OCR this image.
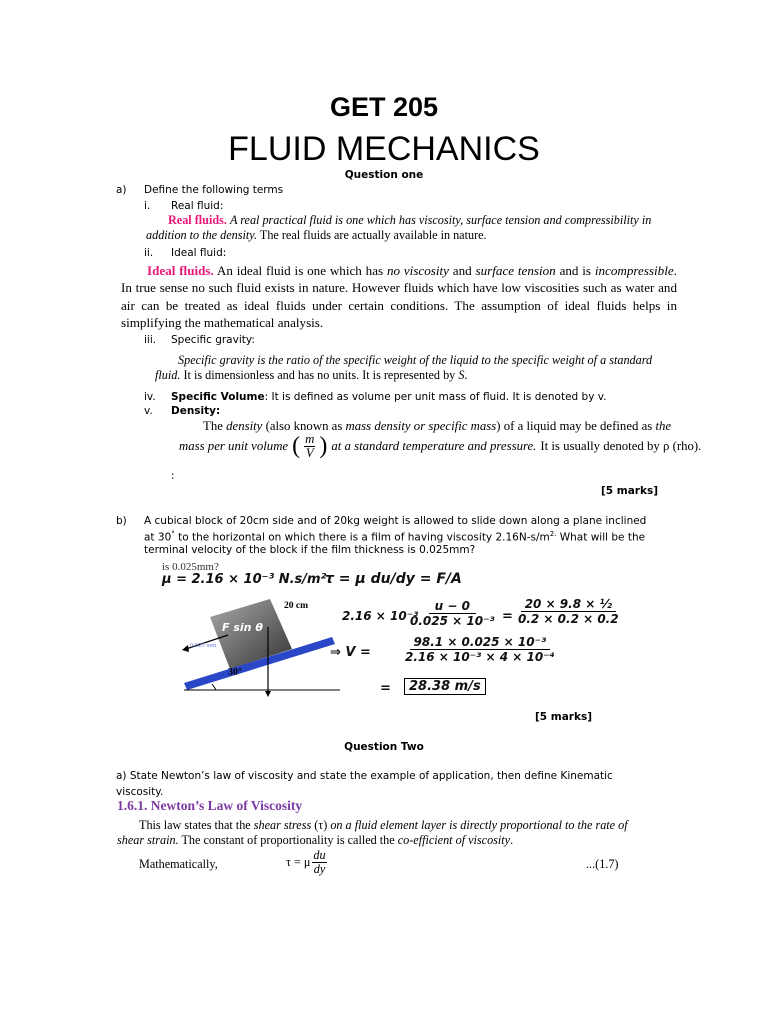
GET 205
FLUID MECHANICS
Question one
a) Define the following terms
i. Real fluid:
Real fluids. A real practical fluid is one which has viscosity, surface tension and compressibility in addition to the density. The real fluids are actually available in nature.
ii. Ideal fluid:
Ideal fluids. An ideal fluid is one which has no viscosity and surface tension and is incompressible. In true sense no such fluid exists in nature. However fluids which have low viscosities such as water and air can be treated as ideal fluids under certain conditions. The assumption of ideal fluids helps in simplifying the mathematical analysis.
iii. Specific gravity:
Specific gravity is the ratio of the specific weight of the liquid to the specific weight of a standard fluid. It is dimensionless and has no units. It is represented by S.
iv. Specific Volume: It is defined as volume per unit mass of fluid. It is denoted by v.
v. Density:
The density (also known as mass density or specific mass) of a liquid may be defined as the
mass per unit volume ( $\frac{m}{V}$ ) at a standard temperature and pressure. It is usually denoted by ρ (rho).
:
[5 marks]
b) A cubical block of 20cm side and of 20kg weight is allowed to slide down along a plane inclined
at 30° to the horizontal on which there is a film of having viscosity $2.16N-s/m^{2.}$ What will be the
terminal velocity of the block if the film thickness is 0.025mm?
is 0.025mm?
μ = 2.16 × 10⁻³ N.s/m²
20 cm
F sin θ
0.025 mm
30°
τ = μ du/dy = F/A
2.16 × 10⁻³
$\frac{u - 0}{\text{0.025 × 10⁻³}}$ =
20 × 9.8 × ½
0.2 × 0.2 × 0.2
⇒ V =	$\frac{\text{98.1 × 0.025 × 10⁻³}}{\text{2.16 × 10⁻³ × 4 × 10⁻⁴}}$
=	28.38 m/s
[5 marks]
Question Two
a) State Newton’s law of viscosity and state the example of application, then define Kinematic
viscosity.
1.6.1. Newton’s Law of Viscosity
This law states that the shear stress (τ) on a fluid element layer is directly proportional to the rate of shear strain. The constant of proportionality is called the co-efficient of viscosity.
Mathematically,	τ = μ $\frac{du}{dy}$	...(1.7)
